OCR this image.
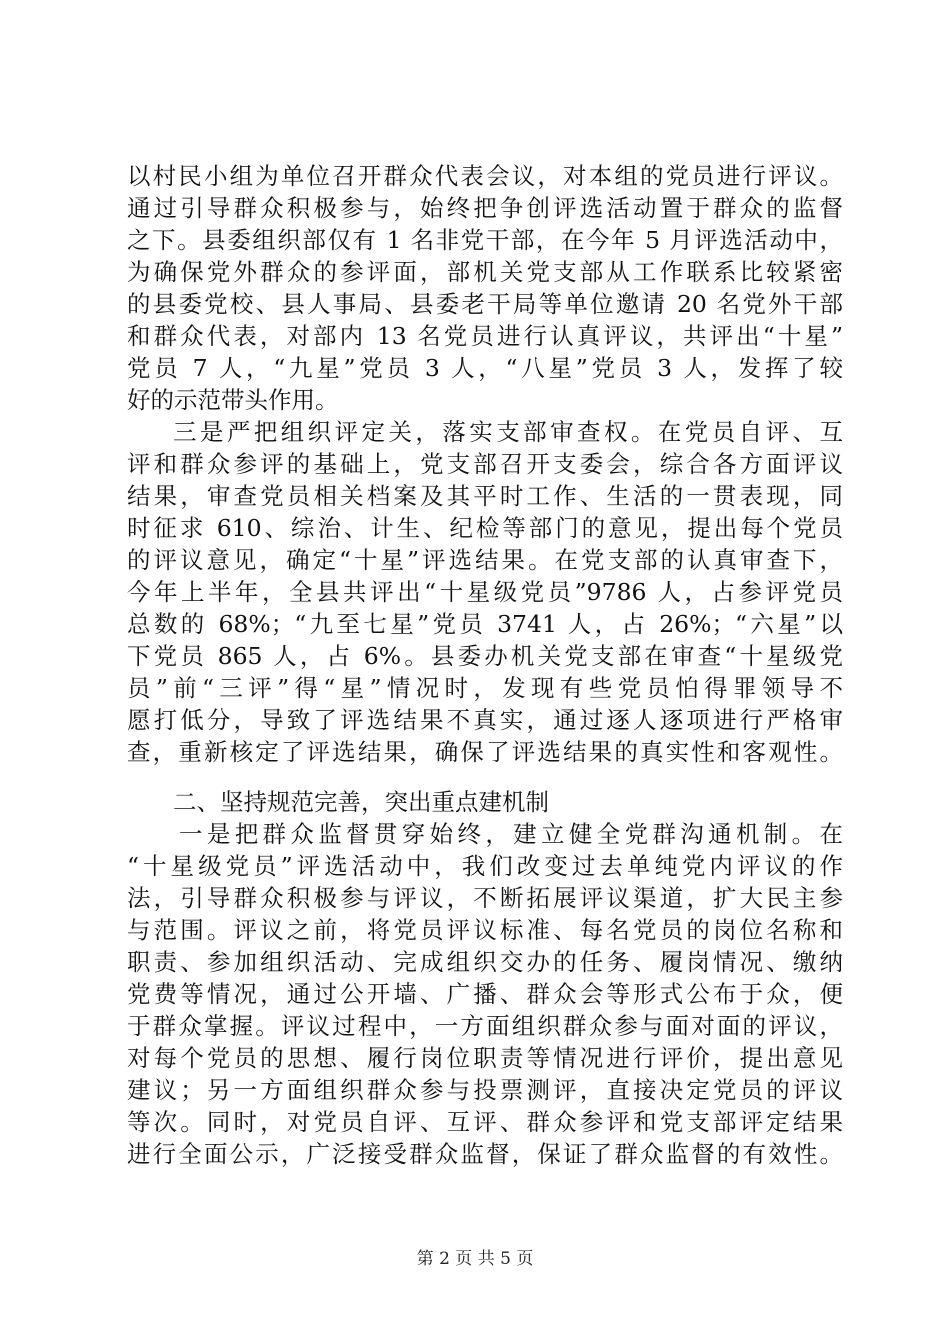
以村民小组为单位召开群众代表会议，对本组的党员进行评议。
通过引导群众积极参与，始终把争创评选活动置于群众的监督
之下。县委组织部仅有 1 名非党干部，在今年 5 月评选活动中，
为确保党外群众的参评面，部机关党支部从工作联系比较紧密
的县委党校、县人事局、县委老干局等单位邀请 20 名党外干部
和群众代表，对部内 13 名党员进行认真评议，共评出“十星”
党员 7 人，“九星”党员 3 人，“八星”党员 3 人，发挥了较
好的示范带头作用。
三是严把组织评定关，落实支部审查权。在党员自评、互
评和群众参评的基础上，党支部召开支委会，综合各方面评议
结果，审查党员相关档案及其平时工作、生活的一贯表现，同
时征求 610、综治、计生、纪检等部门的意见，提出每个党员
的评议意见，确定“十星”评选结果。在党支部的认真审查下，
今年上半年，全县共评出“十星级党员”9786 人，占参评党员
总数的 68%；“九至七星”党员 3741 人，占 26%；“六星”以
下党员 865 人，占 6%。县委办机关党支部在审查“十星级党
员”前“三评”得“星”情况时，发现有些党员怕得罪领导不
愿打低分，导致了评选结果不真实，通过逐人逐项进行严格审
查，重新核定了评选结果，确保了评选结果的真实性和客观性。
二、坚持规范完善，突出重点建机制
一是把群众监督贯穿始终，建立健全党群沟通机制。在
“十星级党员”评选活动中，我们改变过去单纯党内评议的作
法，引导群众积极参与评议，不断拓展评议渠道，扩大民主参
与范围。评议之前，将党员评议标准、每名党员的岗位名称和
职责、参加组织活动、完成组织交办的任务、履岗情况、缴纳
党费等情况，通过公开墙、广播、群众会等形式公布于众，便
于群众掌握。评议过程中，一方面组织群众参与面对面的评议，
对每个党员的思想、履行岗位职责等情况进行评价，提出意见
建议；另一方面组织群众参与投票测评，直接决定党员的评议
等次。同时，对党员自评、互评、群众参评和党支部评定结果
进行全面公示，广泛接受群众监督，保证了群众监督的有效性。
第 2 页 共 5 页
